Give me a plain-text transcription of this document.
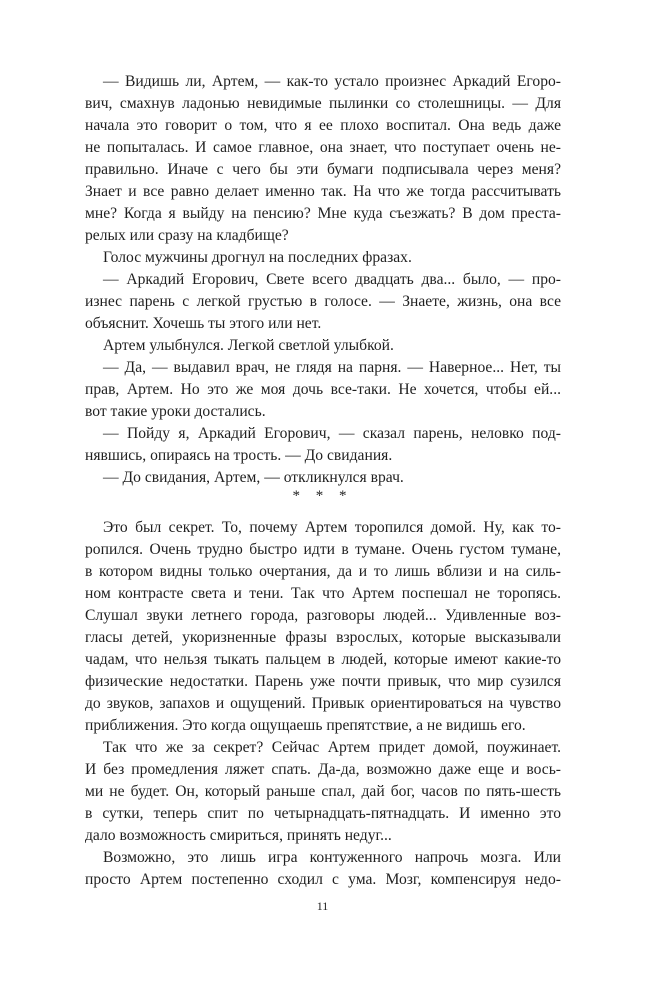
— Видишь ли, Артем, — как-то устало произнес Аркадий Егоро-
вич, смахнув ладонью невидимые пылинки со столешницы. — Для
начала это говорит о том, что я ее плохо воспитал. Она ведь даже
не попыталась. И самое главное, она знает, что поступает очень не-
правильно. Иначе с чего бы эти бумаги подписывала через меня?
Знает и все равно делает именно так. На что же тогда рассчитывать
мне? Когда я выйду на пенсию? Мне куда съезжать? В дом преста-
релых или сразу на кладбище?
Голос мужчины дрогнул на последних фразах.
— Аркадий Егорович, Свете всего двадцать два... было, — про-
изнес парень с легкой грустью в голосе. — Знаете, жизнь, она все
объяснит. Хочешь ты этого или нет.
Артем улыбнулся. Легкой светлой улыбкой.
— Да, — выдавил врач, не глядя на парня. — Наверное... Нет, ты
прав, Артем. Но это же моя дочь все-таки. Не хочется, чтобы ей...
вот такие уроки достались.
— Пойду я, Аркадий Егорович, — сказал парень, неловко под-
нявшись, опираясь на трость. — До свидания.
— До свидания, Артем, — откликнулся врач.
* * *
Это был секрет. То, почему Артем торопился домой. Ну, как то-
ропился. Очень трудно быстро идти в тумане. Очень густом тумане,
в котором видны только очертания, да и то лишь вблизи и на силь-
ном контрасте света и тени. Так что Артем поспешал не торопясь.
Слушал звуки летнего города, разговоры людей... Удивленные воз-
гласы детей, укоризненные фразы взрослых, которые высказывали
чадам, что нельзя тыкать пальцем в людей, которые имеют какие-то
физические недостатки. Парень уже почти привык, что мир сузился
до звуков, запахов и ощущений. Привык ориентироваться на чувство
приближения. Это когда ощущаешь препятствие, а не видишь его.
Так что же за секрет? Сейчас Артем придет домой, поужинает.
И без промедления ляжет спать. Да-да, возможно даже еще и вось-
ми не будет. Он, который раньше спал, дай бог, часов по пять-шесть
в сутки, теперь спит по четырнадцать-пятнадцать. И именно это
дало возможность смириться, принять недуг...
Возможно, это лишь игра контуженного напрочь мозга. Или
просто Артем постепенно сходил с ума. Мозг, компенсируя недо-
11
